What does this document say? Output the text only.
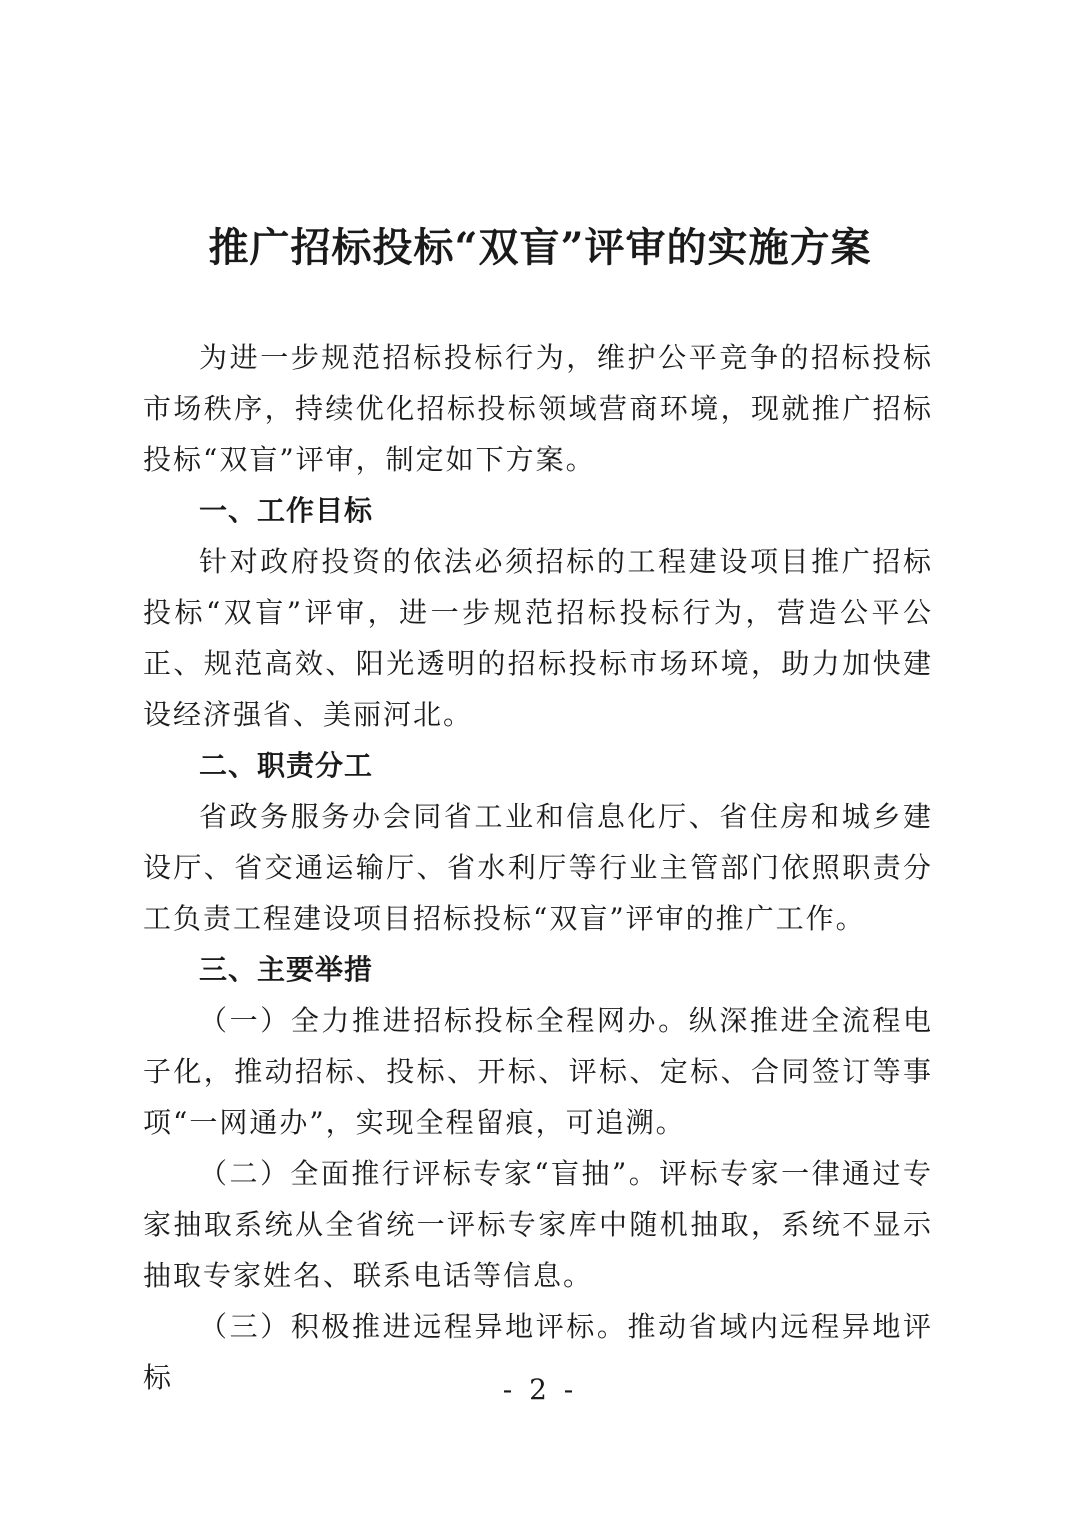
推广招标投标“双盲”评审的实施方案

为进一步规范招标投标行为，维护公平竞争的招标投标市场秩序，持续优化招标投标领域营商环境，现就推广招标投标“双盲”评审，制定如下方案。

一、工作目标

针对政府投资的依法必须招标的工程建设项目推广招标投标“双盲”评审，进一步规范招标投标行为，营造公平公正、规范高效、阳光透明的招标投标市场环境，助力加快建设经济强省、美丽河北。

二、职责分工

省政务服务办会同省工业和信息化厅、省住房和城乡建设厅、省交通运输厅、省水利厅等行业主管部门依照职责分工负责工程建设项目招标投标“双盲”评审的推广工作。

三、主要举措

（一）全力推进招标投标全程网办。纵深推进全流程电子化，推动招标、投标、开标、评标、定标、合同签订等事项“一网通办”，实现全程留痕，可追溯。

（二）全面推行评标专家“盲抽”。评标专家一律通过专家抽取系统从全省统一评标专家库中随机抽取，系统不显示抽取专家姓名、联系电话等信息。

（三）积极推进远程异地评标。推动省域内远程异地评标	- 2 -
